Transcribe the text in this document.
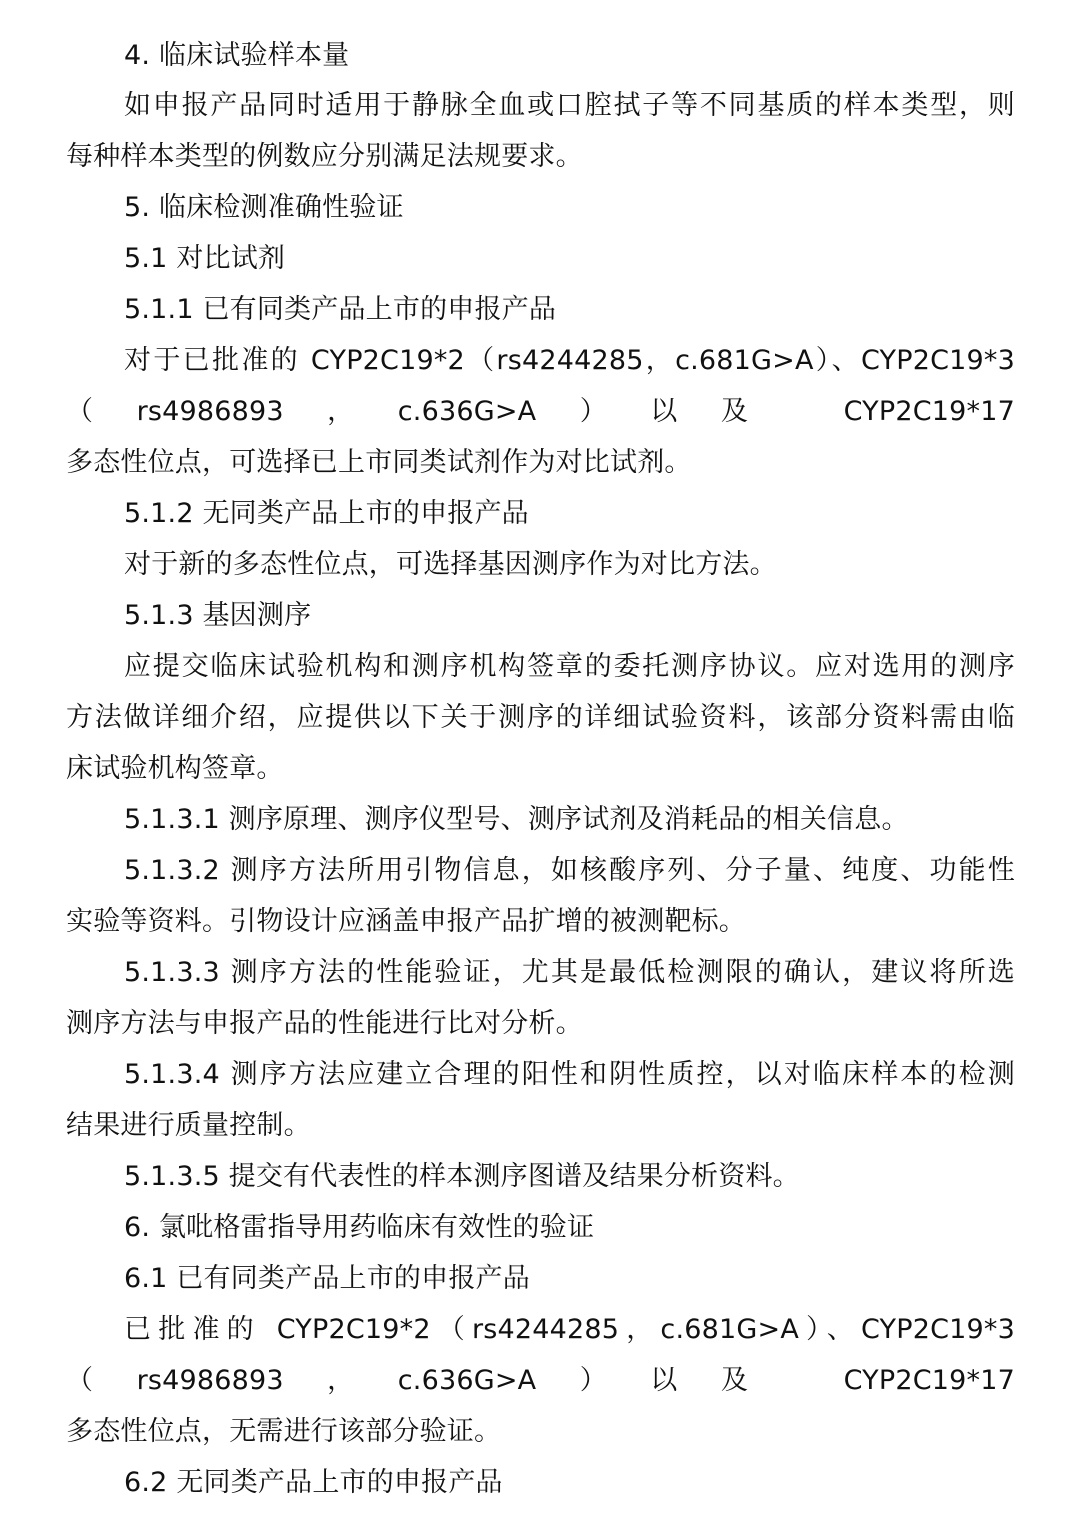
4. 临床试验样本量
如申报产品同时适用于静脉全血或口腔拭子等不同基质的样本类型，则
每种样本类型的例数应分别满足法规要求。
5. 临床检测准确性验证
5.1 对比试剂
5.1.1 已有同类产品上市的申报产品
对于已批准的 CYP2C19*2（rs4244285，c.681G>A）、CYP2C19*3
（rs4986893，c.636G>A）以及 CYP2C19*17
多态性位点，可选择已上市同类试剂作为对比试剂。
5.1.2 无同类产品上市的申报产品
对于新的多态性位点，可选择基因测序作为对比方法。
5.1.3 基因测序
应提交临床试验机构和测序机构签章的委托测序协议。应对选用的测序
方法做详细介绍，应提供以下关于测序的详细试验资料，该部分资料需由临
床试验机构签章。
5.1.3.1 测序原理、测序仪型号、测序试剂及消耗品的相关信息。
5.1.3.2 测序方法所用引物信息，如核酸序列、分子量、纯度、功能性
实验等资料。引物设计应涵盖申报产品扩增的被测靶标。
5.1.3.3 测序方法的性能验证，尤其是最低检测限的确认，建议将所选
测序方法与申报产品的性能进行比对分析。
5.1.3.4 测序方法应建立合理的阳性和阴性质控，以对临床样本的检测
结果进行质量控制。
5.1.3.5 提交有代表性的样本测序图谱及结果分析资料。
6. 氯吡格雷指导用药临床有效性的验证
6.1 已有同类产品上市的申报产品
已批准的 CYP2C19*2（rs4244285，c.681G>A）、CYP2C19*3
（rs4986893，c.636G>A）以及 CYP2C19*17
多态性位点，无需进行该部分验证。
6.2 无同类产品上市的申报产品
